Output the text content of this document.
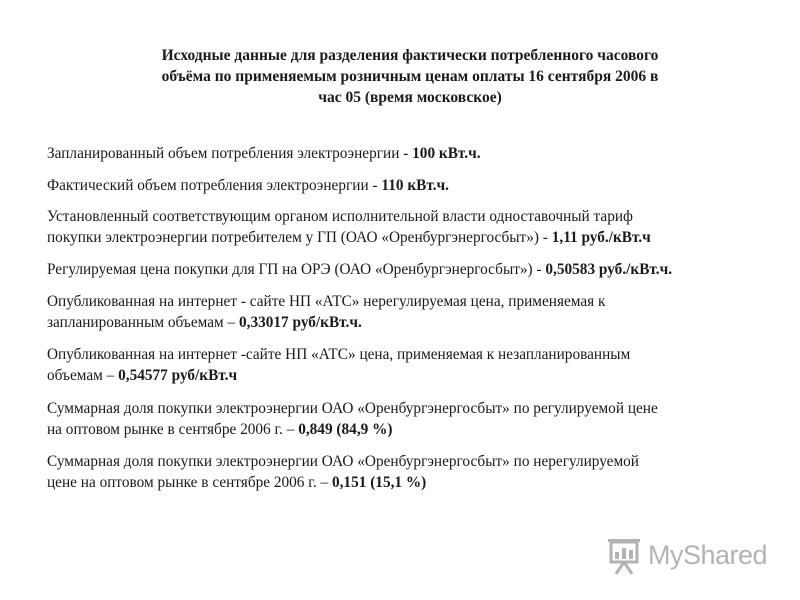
Исходные данные для разделения фактически потребленного часового
объёма по применяемым розничным ценам оплаты 16 сентября 2006 в
час 05 (время московское)
Запланированный объем потребления электроэнергии - 100 кВт.ч.
Фактический объем потребления электроэнергии - 110 кВт.ч.
Установленный соответствующим органом исполнительной власти одноставочный тариф
покупки электроэнергии потребителем у ГП (ОАО «Оренбургэнергосбыт») - 1,11 руб./кВт.ч
Регулируемая цена покупки для ГП на ОРЭ (ОАО «Оренбургэнергосбыт») - 0,50583 руб./кВт.ч.
Опубликованная на интернет - сайте НП «АТС» нерегулируемая цена, применяемая к
запланированным объемам – 0,33017 руб/кВт.ч.
Опубликованная на интернет -сайте НП «АТС» цена, применяемая к незапланированным
объемам – 0,54577 руб/кВт.ч
Суммарная доля покупки электроэнергии ОАО «Оренбургэнергосбыт» по регулируемой цене
на оптовом рынке в сентябре 2006 г. – 0,849 (84,9 %)
Суммарная доля покупки электроэнергии ОАО «Оренбургэнергосбыт» по нерегулируемой
цене на оптовом рынке в сентябре 2006 г. – 0,151 (15,1 %)
MyShared
